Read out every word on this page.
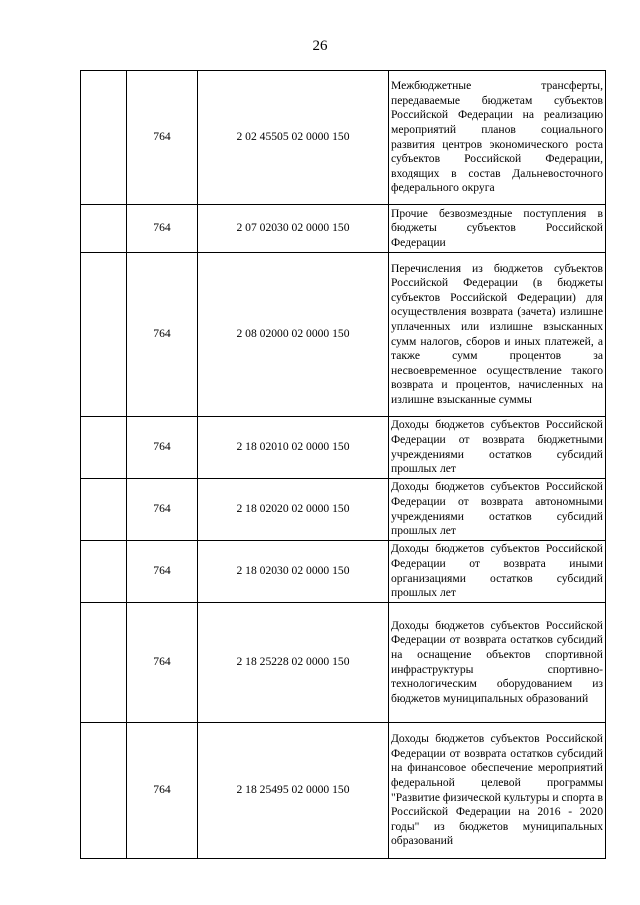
26
	764	2 02 45505 02 0000 150	Межбюджетные трансферты, передаваемые бюджетам субъектов Российской Федерации на реализацию мероприятий планов социального развития центров экономического роста субъектов Российской Федерации, входящих в состав Дальневосточного федерального округа
	764	2 07 02030 02 0000 150	Прочие безвозмездные поступления в бюджеты субъектов Российской Федерации
	764	2 08 02000 02 0000 150	Перечисления из бюджетов субъектов Российской Федерации (в бюджеты субъектов Российской Федерации) для осуществления возврата (зачета) излишне уплаченных или излишне взысканных сумм налогов, сборов и иных платежей, а также сумм процентов за несвоевременное осуществление такого возврата и процентов, начисленных на излишне взысканные суммы
	764	2 18 02010 02 0000 150	Доходы бюджетов субъектов Российской Федерации от возврата бюджетными учреждениями остатков субсидий прошлых лет
	764	2 18 02020 02 0000 150	Доходы бюджетов субъектов Российской Федерации от возврата автономными учреждениями остатков субсидий прошлых лет
	764	2 18 02030 02 0000 150	Доходы бюджетов субъектов Российской Федерации от возврата иными организациями остатков субсидий прошлых лет
	764	2 18 25228 02 0000 150	Доходы бюджетов субъектов Российской Федерации от возврата остатков субсидий на оснащение объектов спортивной инфраструктуры спортивно-технологическим оборудованием из бюджетов муниципальных образований
	764	2 18 25495 02 0000 150	Доходы бюджетов субъектов Российской Федерации от возврата остатков субсидий на финансовое обеспечение мероприятий федеральной целевой программы "Развитие физической культуры и спорта в Российской Федерации на 2016 - 2020 годы" из бюджетов муниципальных образований
